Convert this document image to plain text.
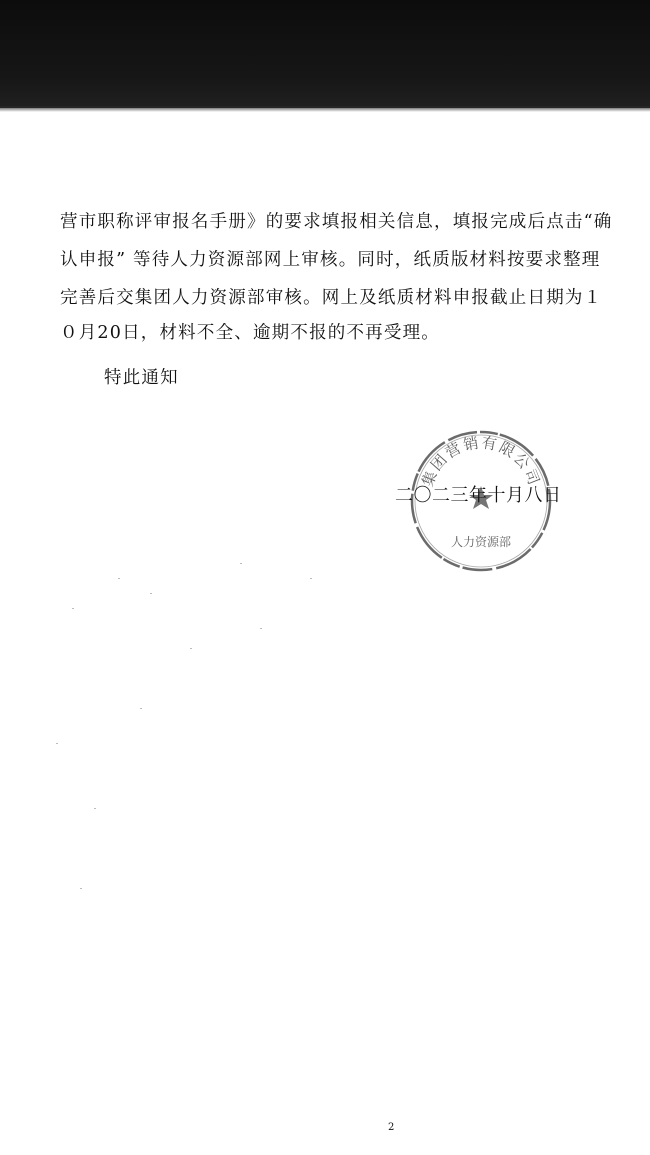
营市职称评审报名手册》的要求填报相关信息，填报完成后点击“确
认申报” 等待人力资源部网上审核。同时，纸质版材料按要求整理
完善后交集团人力资源部审核。网上及纸质材料申报截止日期为１
０月20日，材料不全、逾期不报的不再受理。
特此通知
集团营销有限公司
人力资源部
二〇二三年十月八日
2
